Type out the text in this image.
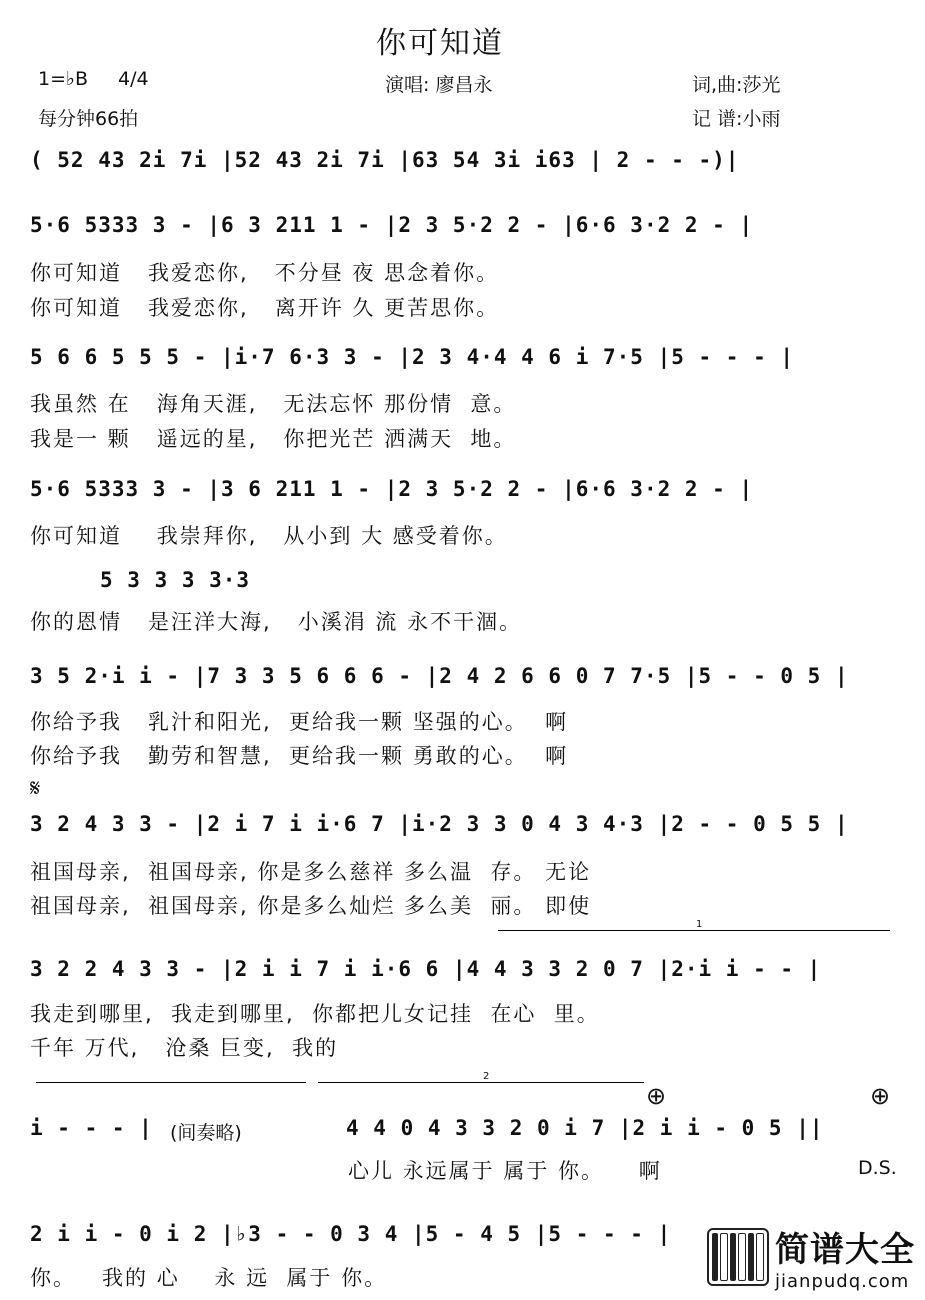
你可知道
1=♭B 4/4	演唱: 廖昌永	词,曲:莎光
每分钟66拍	记 谱:小雨
( 52 43 2i 7i |52 43 2i 7i |63 54 3i i63 | 2 - - -)|
5·6 5333 3 - |6 3 211 1 - |2 3 5·2 2 - |6·6 3·2 2 - |
你可知道   我爱恋你,   不分昼 夜 思念着你。
你可知道   我爱恋你,   离开许 久 更苦思你。
5 6 6 5 5 5 - |i·7 6·3 3 - |2 3 4·4 4 6 i 7·5 |5 - - - |
我虽然 在   海角天涯,   无法忘怀 那份情  意。
我是一 颗   遥远的星,   你把光芒 洒满天  地。
5·6 5333 3 - |3 6 211 1 - |2 3 5·2 2 - |6·6 3·2 2 - |
你可知道    我崇拜你,   从小到 大 感受着你。
5 3 3 3 3·3
你的恩情   是汪洋大海,   小溪涓 流 永不干涸。
3 5 2·i i - |7 3 3 5 6 6 6 - |2 4 2 6 6 0 7 7·5 |5 - - 0 5 |
你给予我   乳汁和阳光,  更给我一颗 坚强的心。  啊
你给予我   勤劳和智慧,  更给我一颗 勇敢的心。  啊
𝄋
3 2 4 3 3 - |2 i 7 i i·6 7 |i·2 3 3 0 4 3 4·3 |2 - - 0 5 5 |
祖国母亲,  祖国母亲, 你是多么慈祥 多么温  存。 无论
祖国母亲,  祖国母亲, 你是多么灿烂 多么美  丽。 即使
1
3 2 2 4 3 3 - |2 i i 7 i i·6 6 |4 4 3 3 2 0 7 |2·i i - - |
我走到哪里,  我走到哪里,  你都把儿女记挂  在心  里。
千年 万代,   沧桑 巨变,  我的
2
⊕	⊕
i - - - | (间奏略)	4 4 0 4 3 3 2 0 i 7 |2 i i - 0 5 ||
心儿 永远属于 属于 你。    啊	D.S.
2 i i - 0 i 2 |♭3 - - 0 3 4 |5 - 4 5 |5 - - - |
你。   我的 心    永 远  属于 你。
简谱大全
jianpudq.com
